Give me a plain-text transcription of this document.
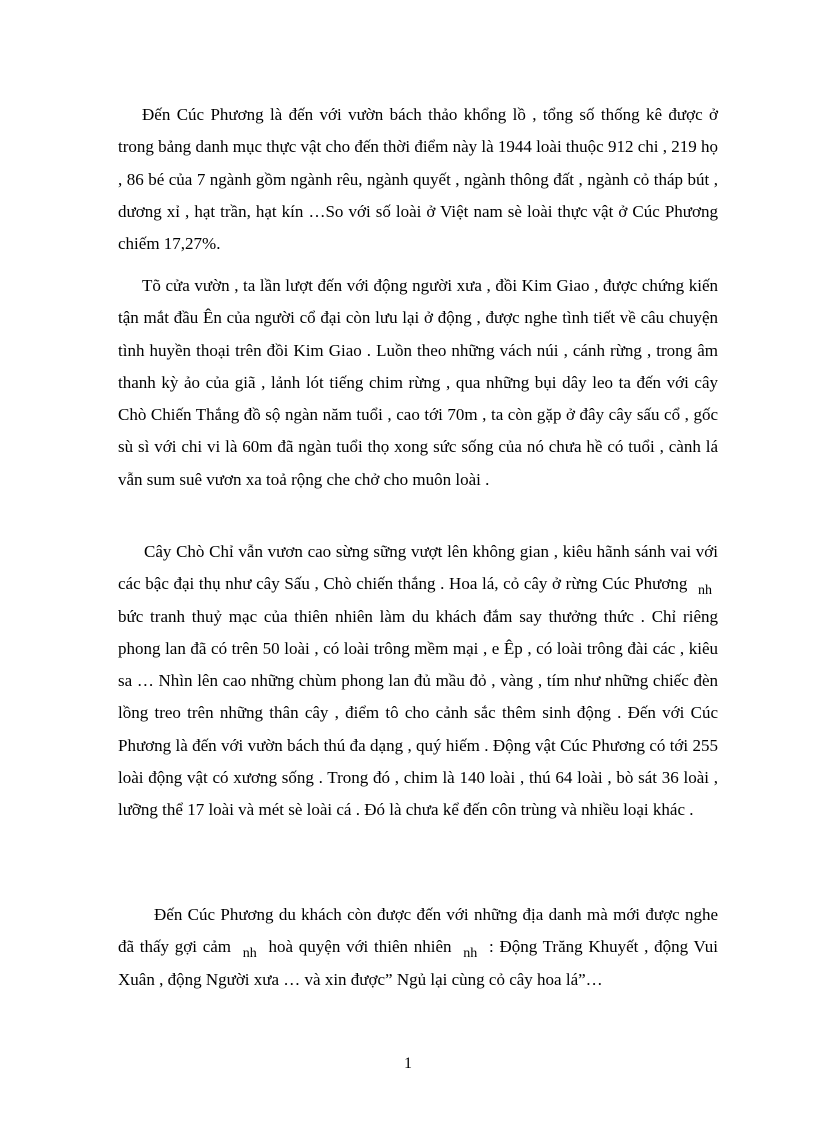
Đến Cúc Phương là đến với vườn bách thảo khổng lồ , tổng số thống kê được ở trong bảng danh mục thực vật cho đến thời điểm này là 1944 loài thuộc 912 chi , 219 họ , 86 bé của 7 ngành gồm ngành rêu, ngành quyết , ngành thông đất , ngành cỏ tháp bút , dương xỉ , hạt trần, hạt kín …So với số loài ở Việt nam sè loài thực vật ở Cúc Phương chiếm 17,27%.

Tõ cửa vườn , ta lần lượt đến với động người xưa , đồi Kim Giao , được chứng kiến tận mắt đầu Ên của người cổ đại còn lưu lại ở động , được nghe tình tiết về câu chuyện tình huyền thoại trên đồi Kim Giao . Luồn theo những vách núi , cánh rừng , trong âm thanh kỳ ảo của giã , lảnh lót tiếng chim rừng , qua những bụi dây leo ta đến với cây Chò Chiến Thắng đồ sộ ngàn năm tuổi , cao tới 70m , ta còn gặp ở đây cây sấu cổ , gốc sù sì với chi vi là 60m đã ngàn tuổi thọ xong sức sống của nó chưa hề có tuổi , cành lá vẫn sum suê vươn xa toả rộng che chở cho muôn loài .

Cây Chò Chỉ vẫn vươn cao sừng sững vượt lên không gian , kiêu hãnh sánh vai với các bậc đại thụ như cây Sấu , Chò chiến thắng . Hoa lá, cỏ cây ở rừng Cúc Phương $_{nh}$ bức tranh thuỷ mạc của thiên nhiên làm du khách đắm say thưởng thức . Chỉ riêng phong lan đã có trên 50 loài , có loài trông mềm mại , e Êp , có loài trông đài các , kiêu sa … Nhìn lên cao những chùm phong lan đủ mầu đỏ , vàng , tím như những chiếc đèn lồng treo trên những thân cây , điểm tô cho cảnh sắc thêm sinh động . Đến với Cúc Phương là đến với vườn bách thú đa dạng , quý hiếm . Động vật Cúc Phương có tới 255 loài động vật có xương sống . Trong đó , chim là 140 loài , thú 64 loài , bò sát 36 loài , lưỡng thể 17 loài và mét sè loài cá . Đó là chưa kể đến côn trùng và nhiều loại khác .

Đến Cúc Phương du khách còn được đến với những địa danh mà mới được nghe đã thấy gợi cảm $_{nh}$ hoà quyện với thiên nhiên $_{nh}$ : Động Trăng Khuyết , động Vui Xuân , động Người xưa … và xin được” Ngủ lại cùng cỏ cây hoa lá”…

1
